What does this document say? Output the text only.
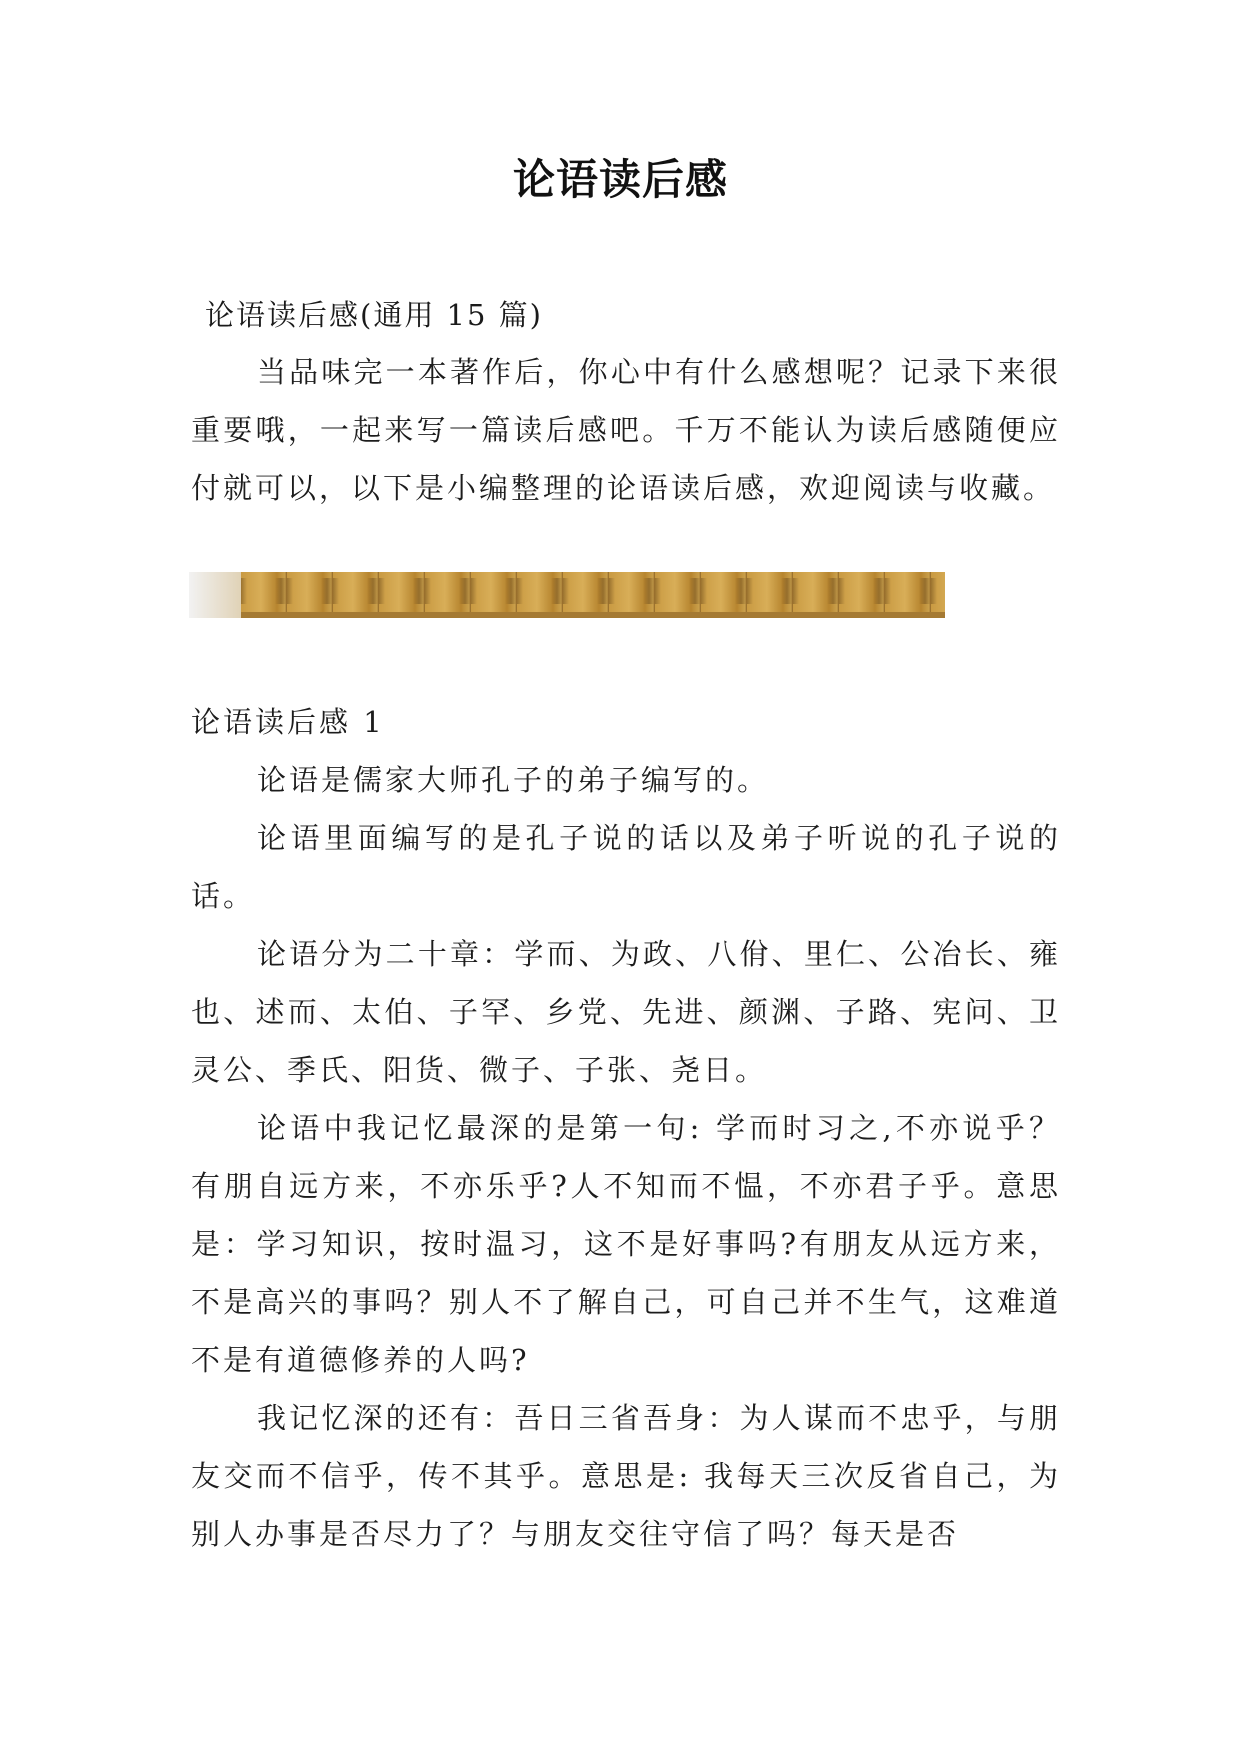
论语读后感
论语读后感(通用 15 篇)

当品味完一本著作后，你心中有什么感想呢？记录下来很重要哦，一起来写一篇读后感吧。千万不能认为读后感随便应付就可以，以下是小编整理的论语读后感，欢迎阅读与收藏。

论语读后感 1

论语是儒家大师孔子的弟子编写的。

论语里面编写的是孔子说的话以及弟子听说的孔子说的话。

论语分为二十章：学而、为政、八佾、里仁、公冶长、雍也、述而、太伯、子罕、乡党、先进、颜渊、子路、宪问、卫灵公、季氏、阳货、微子、子张、尧日。

论语中我记忆最深的是第一句: 学而时习之,不亦说乎？有朋自远方来，不亦乐乎?人不知而不愠，不亦君子乎。意思是：学习知识，按时温习，这不是好事吗?有朋友从远方来，不是高兴的事吗？别人不了解自己，可自己并不生气，这难道不是有道德修养的人吗?

我记忆深的还有：吾日三省吾身：为人谋而不忠乎，与朋友交而不信乎，传不其乎。意思是: 我每天三次反省自己，为别人办事是否尽力了？与朋友交往守信了吗？每天是否
